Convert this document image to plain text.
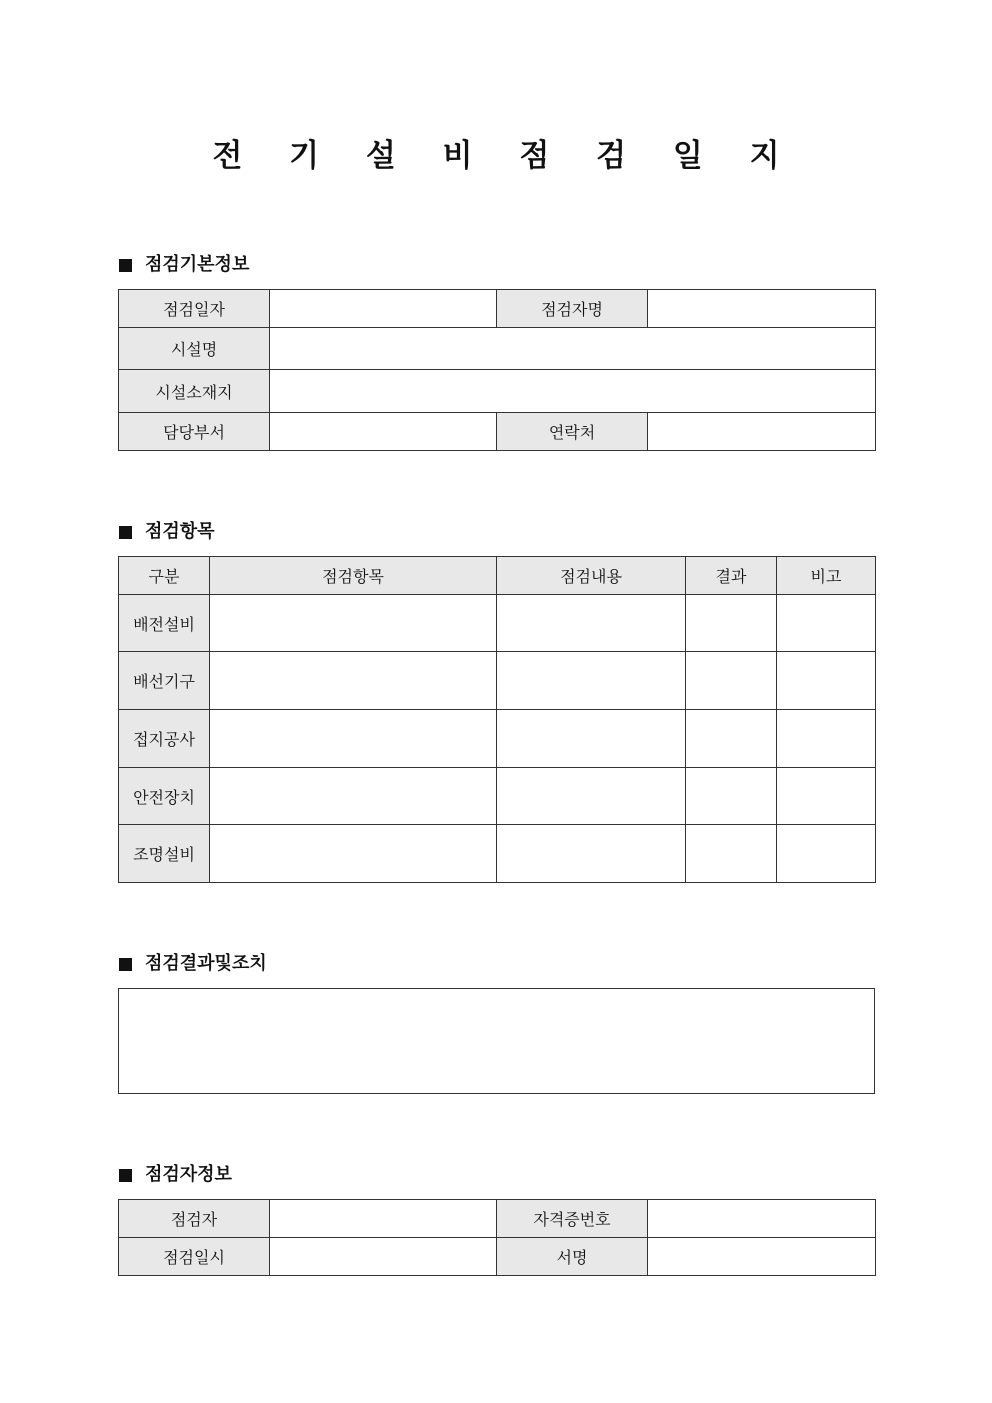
전 기 설 비 점 검 일 지
점검기본정보
점검일자		점검자명	
시설명			
시설소재지			
담당부서		연락처	
점검항목
구분	점검항목	점검내용	결과	비고
배전설비				
배선기구				
접지공사				
안전장치				
조명설비				
점검결과및조치
점검자정보
점검자		자격증번호	
점검일시		서명	
